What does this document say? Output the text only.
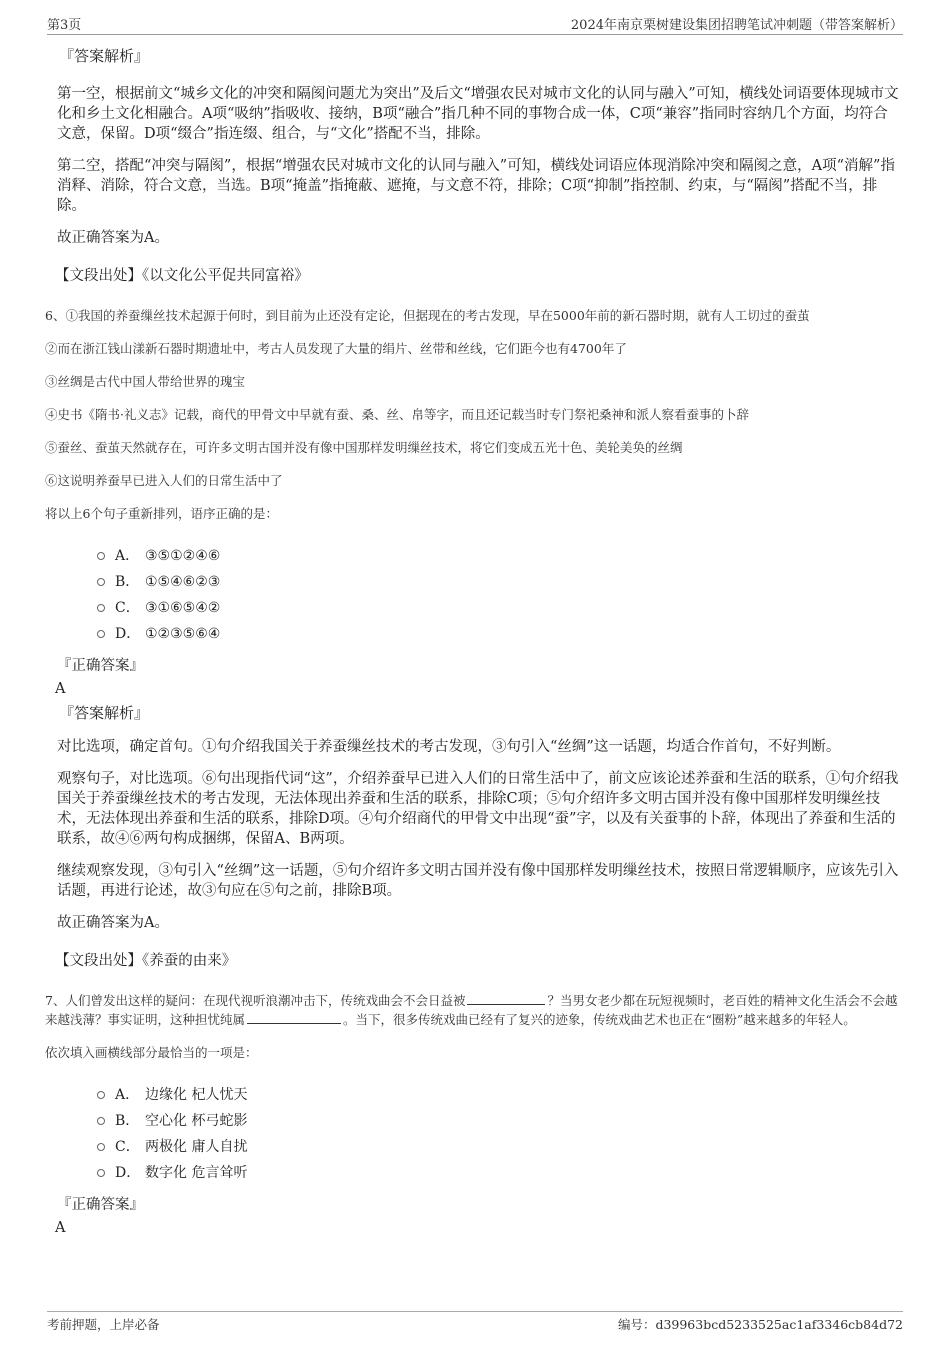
第3页	2024年南京栗树建设集团招聘笔试冲刺题（带答案解析）
『答案解析』
第一空，根据前文“城乡文化的冲突和隔阂问题尤为突出”及后文“增强农民对城市文化的认同与融入”可知，横线处词语要体现城市文化和乡土文化相融合。A项“吸纳”指吸收、接纳，B项“融合”指几种不同的事物合成一体，C项“兼容”指同时容纳几个方面，均符合文意，保留。D项“缀合”指连缀、组合，与“文化”搭配不当，排除。
第二空，搭配“冲突与隔阂”，根据“增强农民对城市文化的认同与融入”可知，横线处词语应体现消除冲突和隔阂之意，A项“消解”指消释、消除，符合文意，当选。B项“掩盖”指掩蔽、遮掩，与文意不符，排除；C项“抑制”指控制、约束，与“隔阂”搭配不当，排除。
故正确答案为A。
【文段出处】《以文化公平促共同富裕》
6、①我国的养蚕缫丝技术起源于何时，到目前为止还没有定论，但据现在的考古发现，早在5000年前的新石器时期，就有人工切过的蚕茧
②而在浙江钱山漾新石器时期遗址中，考古人员发现了大量的绢片、丝带和丝线，它们距今也有4700年了
③丝绸是古代中国人带给世界的瑰宝
④史书《隋书·礼义志》记载，商代的甲骨文中早就有蚕、桑、丝、帛等字，而且还记载当时专门祭祀桑神和派人察看蚕事的卜辞
⑤蚕丝、蚕茧天然就存在，可许多文明古国并没有像中国那样发明缫丝技术，将它们变成五光十色、美轮美奂的丝绸
⑥这说明养蚕早已进入人们的日常生活中了
将以上6个句子重新排列，语序正确的是：
A． ③⑤①②④⑥
B． ①⑤④⑥②③
C． ③①⑥⑤④②
D． ①②③⑤⑥④
『正确答案』
A
『答案解析』
对比选项，确定首句。①句介绍我国关于养蚕缫丝技术的考古发现，③句引入“丝绸”这一话题，均适合作首句，不好判断。
观察句子，对比选项。⑥句出现指代词“这”，介绍养蚕早已进入人们的日常生活中了，前文应该论述养蚕和生活的联系，①句介绍我国关于养蚕缫丝技术的考古发现，无法体现出养蚕和生活的联系，排除C项；⑤句介绍许多文明古国并没有像中国那样发明缫丝技术，无法体现出养蚕和生活的联系，排除D项。④句介绍商代的甲骨文中出现“蚕”字，以及有关蚕事的卜辞，体现出了养蚕和生活的联系，故④⑥两句构成捆绑，保留A、B两项。
继续观察发现，③句引入“丝绸”这一话题，⑤句介绍许多文明古国并没有像中国那样发明缫丝技术，按照日常逻辑顺序，应该先引入话题，再进行论述，故③句应在⑤句之前，排除B项。
故正确答案为A。
【文段出处】《养蚕的由来》
7、人们曾发出这样的疑问：在现代视听浪潮冲击下，传统戏曲会不会日益被	？当男女老少都在玩短视频时，老百姓的精神文化生活会不会越来越浅薄？事实证明，这种担忧纯属	。当下，很多传统戏曲已经有了复兴的迹象，传统戏曲艺术也正在“圈粉”越来越多的年轻人。
依次填入画横线部分最恰当的一项是：
A． 边缘化 杞人忧天
B． 空心化 杯弓蛇影
C． 两极化 庸人自扰
D． 数字化 危言耸听
『正确答案』
A
考前押题，上岸必备	编号：d39963bcd5233525ac1af3346cb84d72
